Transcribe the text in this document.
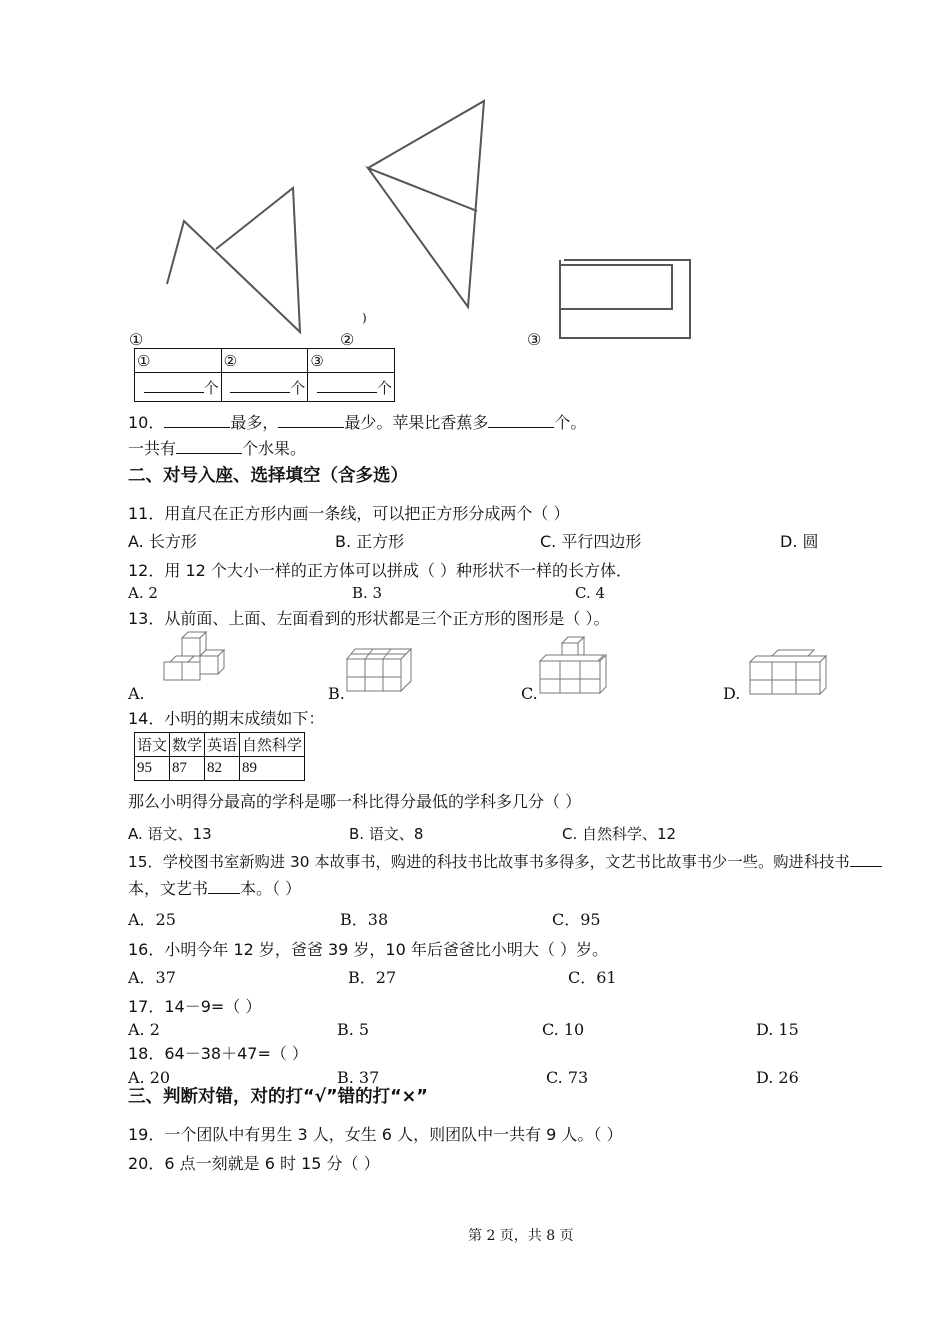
)
①	②	③
①	②	③
个	个	个
10．	最多，	最少。苹果比香蕉多	个。
一共有	个水果。
二、对号入座、选择填空（含多选）
11．用直尺在正方形内画一条线，可以把正方形分成两个（ ）
A. 长方形	B. 正方形	C. 平行四边形	D. 圆
12．用 12 个大小一样的正方体可以拼成（ ）种形状不一样的长方体．
A. 2	B. 3	C. 4
13．从前面、上面、左面看到的形状都是三个正方形的图形是（ ）。
A.	B.	C.	D.
14．小明的期末成绩如下：
语文	数学	英语	自然科学
95	87	82	89
那么小明得分最高的学科是哪一科比得分最低的学科多几分（ ）
A. 语文、13	B. 语文、8	C. 自然科学、12
15．学校图书室新购进 30 本故事书，购进的科技书比故事书多得多，文艺书比故事书少一些。购进科技书
本，文艺书 本。（ ）
A．25	B．38	C．95
16．小明今年 12 岁，爸爸 39 岁，10 年后爸爸比小明大（ ）岁。
A．37	B．27	C．61
17．14－9=（ ）
A. 2	B. 5	C. 10	D. 15
18．64－38＋47=（ ）
A. 20	B. 37	C. 73	D. 26
三、判断对错，对的打“√”错的打“×”
19．一个团队中有男生 3 人，女生 6 人，则团队中一共有 9 人。（ ）
20．6 点一刻就是 6 时 15 分（ ）
第 2 页，共 8 页
